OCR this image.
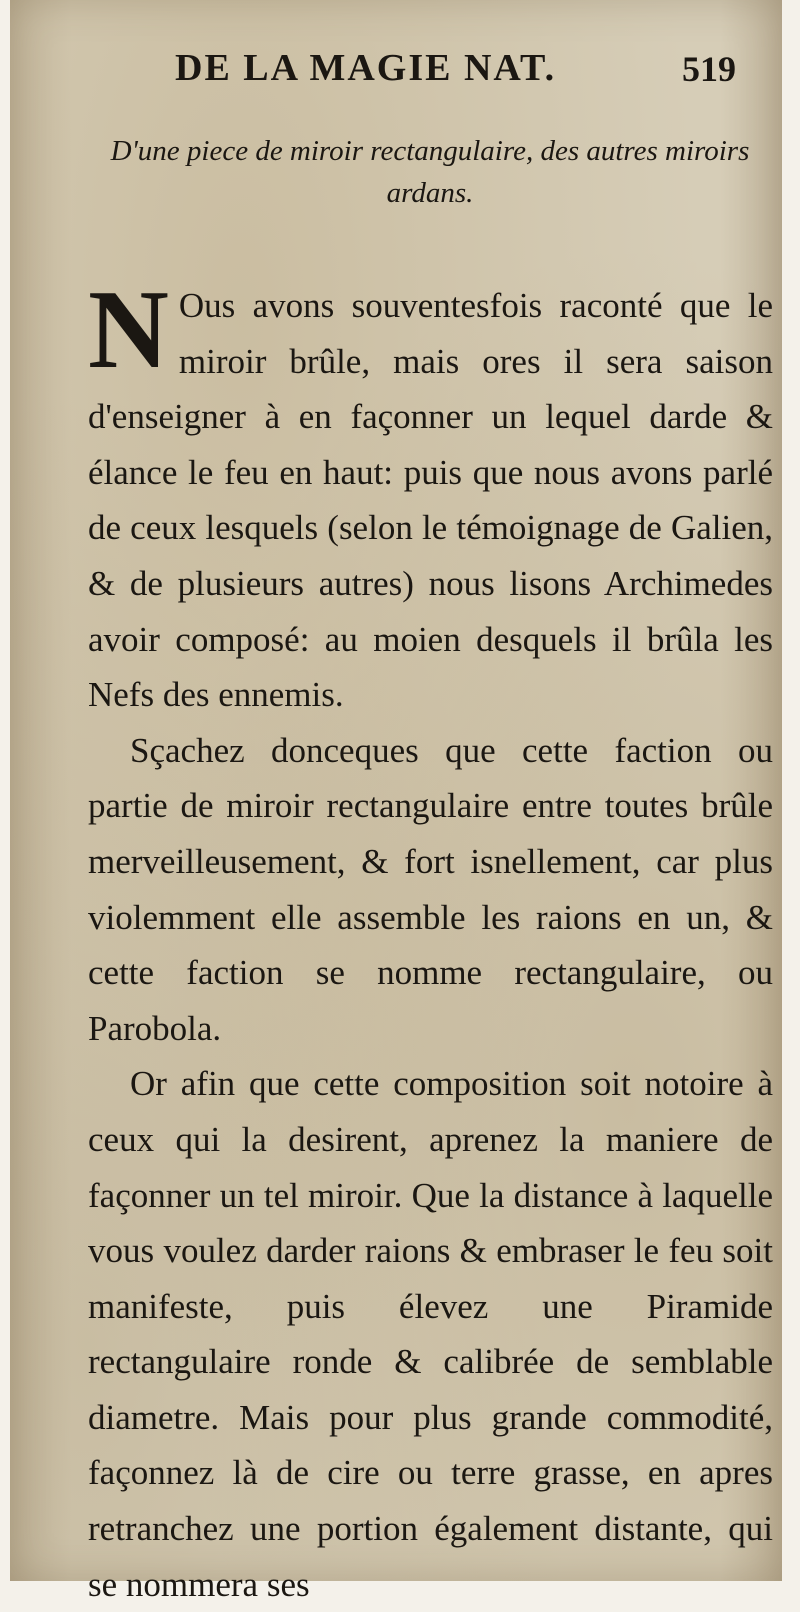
DE LA MAGIE NAT.	519
D'une piece de miroir rectangulaire, des autres miroirs ardans.

N Ous avons souventesfois raconté que le miroir brûle, mais ores il sera saison d'enseigner à en façonner un lequel darde & élance le feu en haut: puis que nous avons parlé de ceux lesquels (selon le témoignage de Galien, & de plusieurs autres) nous lisons Archimedes avoir composé: au moien desquels il brûla les Nefs des ennemis.

Sçachez donceques que cette faction ou partie de miroir rectangulaire entre toutes brûle merveilleusement, & fort isnellement, car plus violemment elle assemble les raions en un, & cette faction se nomme rectangulaire, ou Parobola.

Or afin que cette composition soit notoire à ceux qui la desirent, aprenez la maniere de façonner un tel miroir. Que la distance à laquelle vous voulez darder raions & embraser le feu soit manifeste, puis élevez une Piramide rectangulaire ronde & calibrée de semblable diametre. Mais pour plus grande commodité, façonnez là de cire ou terre grasse, en apres retranchez une portion également distante, qui se nommera ses
